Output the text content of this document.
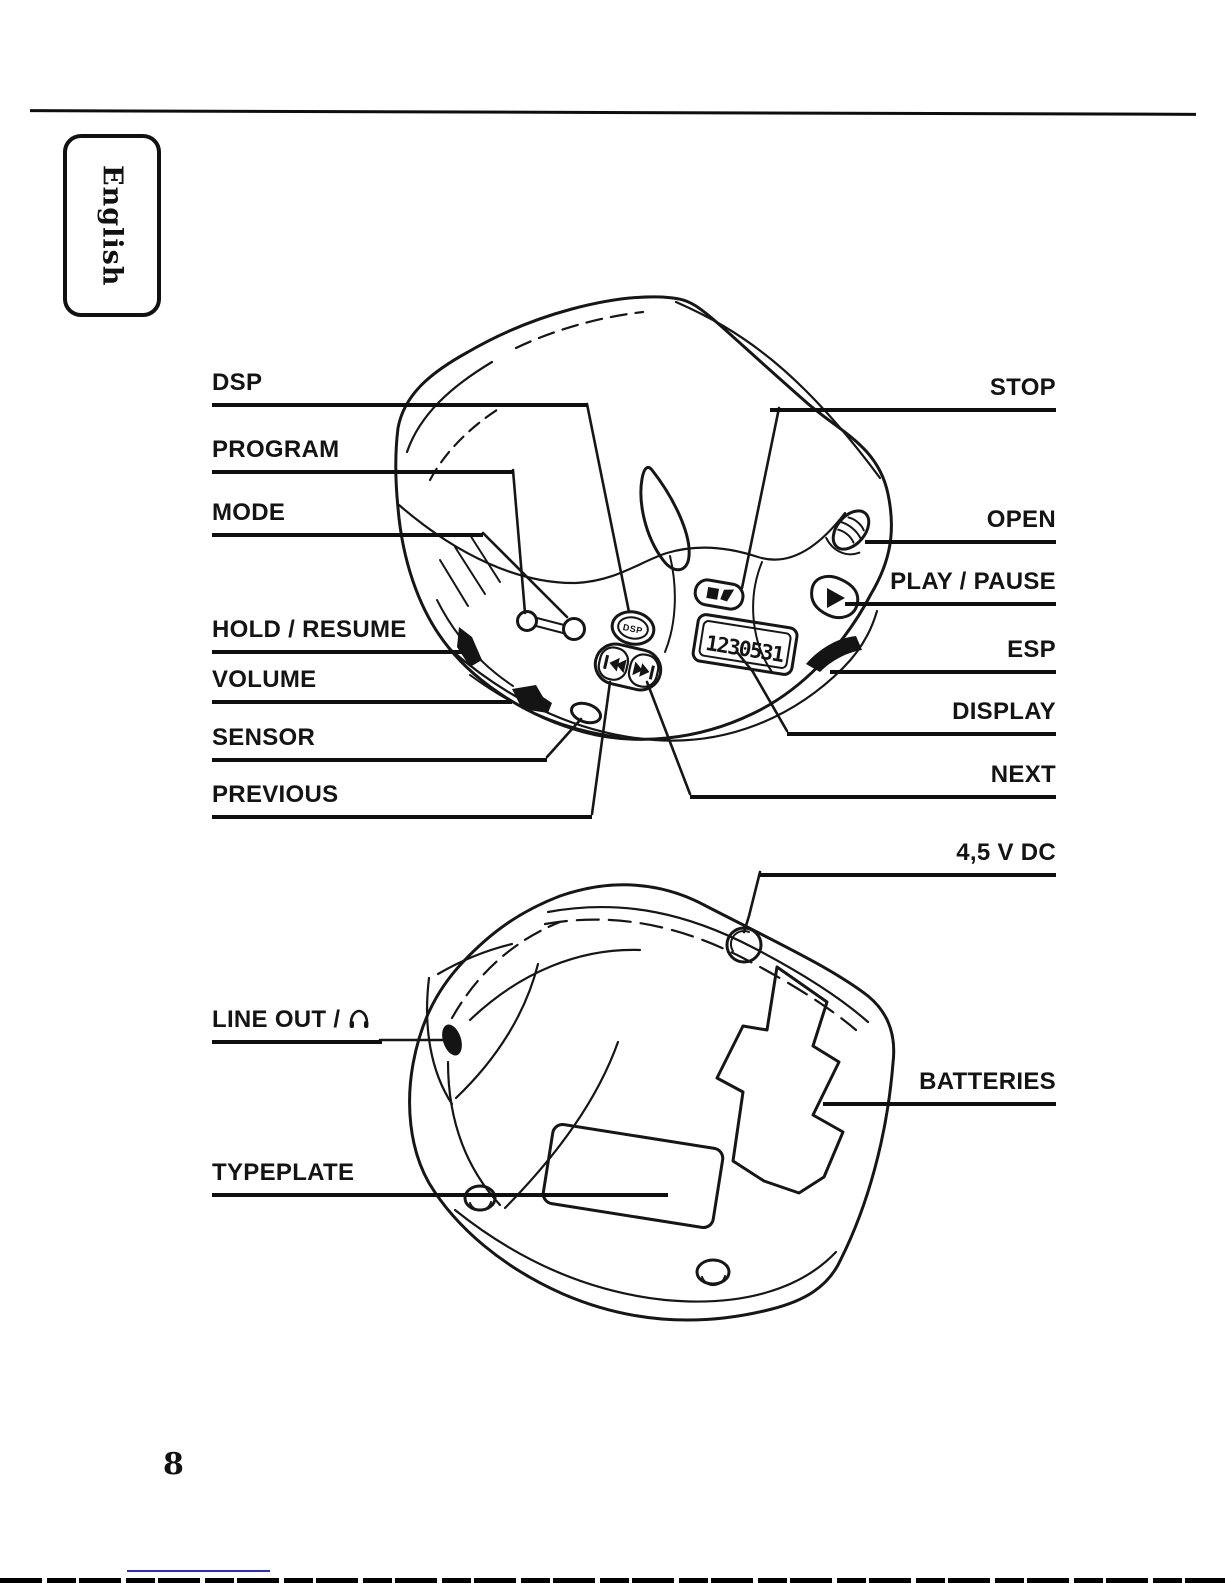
English
DSP
1230531
DSP
PROGRAM
MODE
HOLD / RESUME
VOLUME
SENSOR
PREVIOUS
STOP
OPEN
PLAY / PAUSE
ESP
DISPLAY
NEXT
4,5 V DC
BATTERIES
LINE OUT /
TYPEPLATE
8
